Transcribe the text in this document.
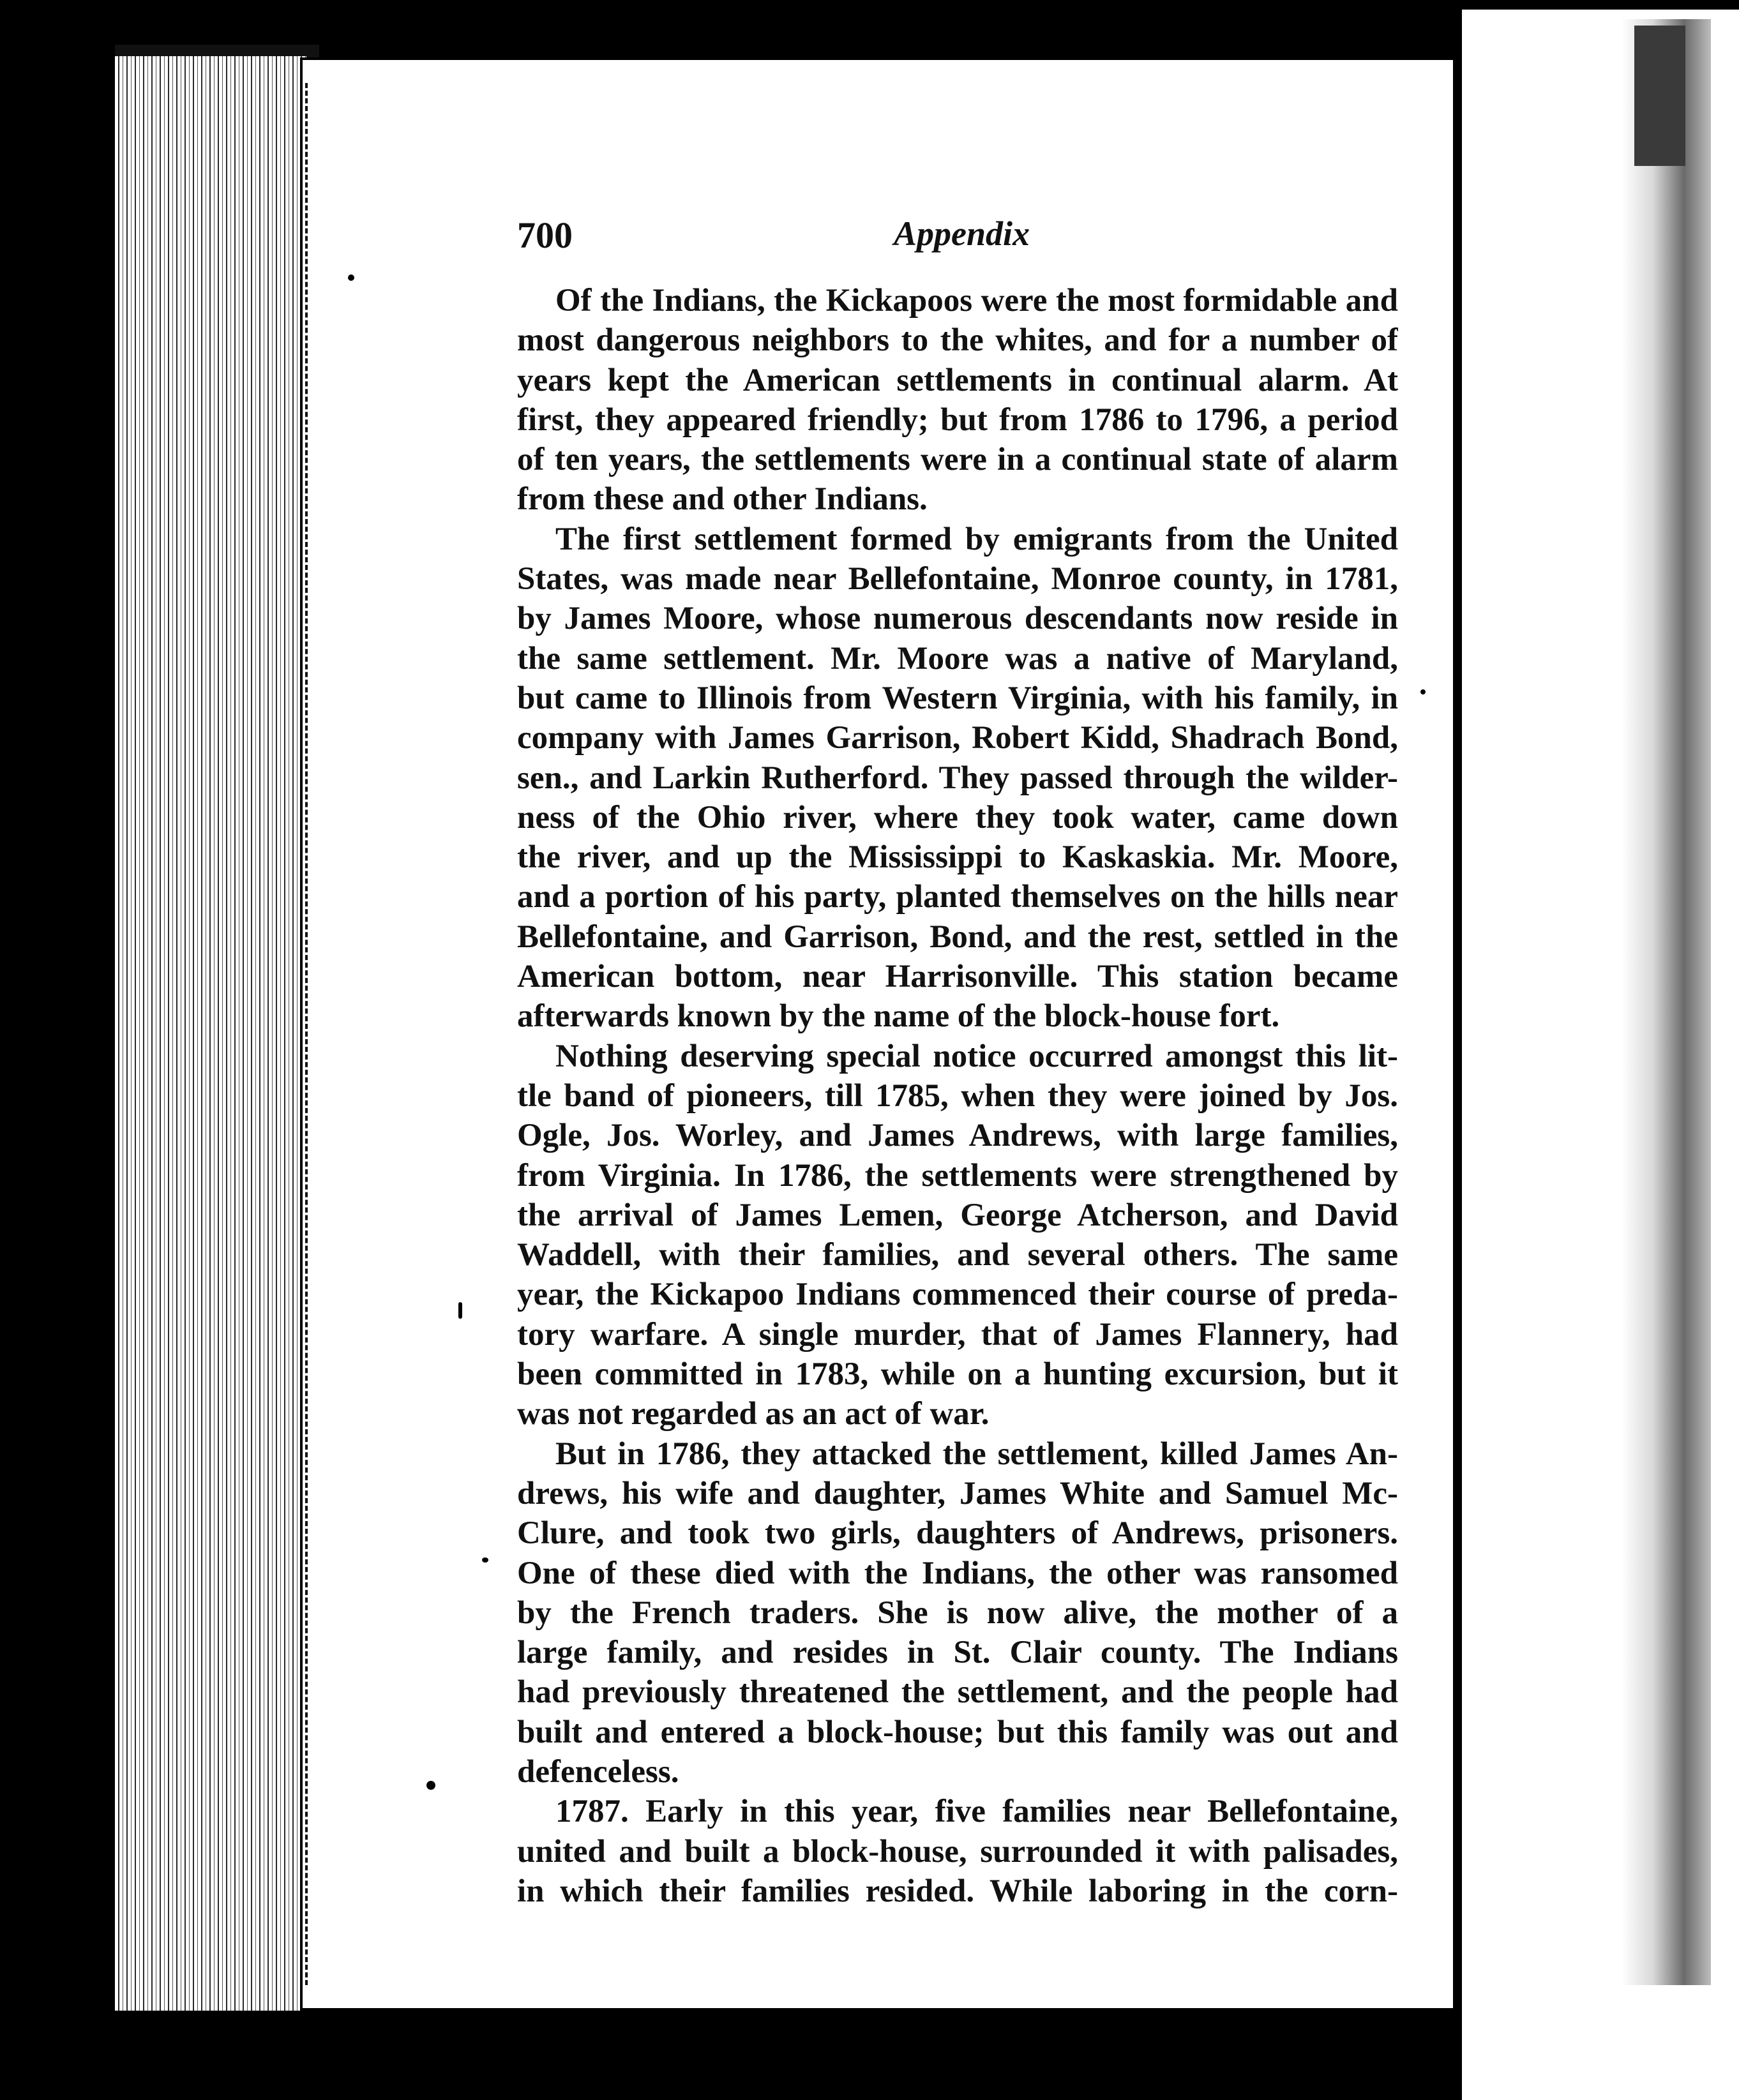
700	Appendix
Of the Indians, the Kickapoos were the most formidable and
most dangerous neighbors to the whites, and for a number of
years kept the American settlements in continual alarm. At
first, they appeared friendly; but from 1786 to 1796, a period
of ten years, the settlements were in a continual state of alarm
from these and other Indians.
The first settlement formed by emigrants from the United
States, was made near Bellefontaine, Monroe county, in 1781,
by James Moore, whose numerous descendants now reside in
the same settlement. Mr. Moore was a native of Maryland,
but came to Illinois from Western Virginia, with his family, in
company with James Garrison, Robert Kidd, Shadrach Bond,
sen., and Larkin Rutherford. They passed through the wilder-
ness of the Ohio river, where they took water, came down
the river, and up the Mississippi to Kaskaskia. Mr. Moore,
and a portion of his party, planted themselves on the hills near
Bellefontaine, and Garrison, Bond, and the rest, settled in the
American bottom, near Harrisonville. This station became
afterwards known by the name of the block-house fort.
Nothing deserving special notice occurred amongst this lit-
tle band of pioneers, till 1785, when they were joined by Jos.
Ogle, Jos. Worley, and James Andrews, with large families,
from Virginia. In 1786, the settlements were strengthened by
the arrival of James Lemen, George Atcherson, and David
Waddell, with their families, and several others. The same
year, the Kickapoo Indians commenced their course of preda-
tory warfare. A single murder, that of James Flannery, had
been committed in 1783, while on a hunting excursion, but it
was not regarded as an act of war.
But in 1786, they attacked the settlement, killed James An-
drews, his wife and daughter, James White and Samuel Mc-
Clure, and took two girls, daughters of Andrews, prisoners.
One of these died with the Indians, the other was ransomed
by the French traders. She is now alive, the mother of a
large family, and resides in St. Clair county. The Indians
had previously threatened the settlement, and the people had
built and entered a block-house; but this family was out and
defenceless.
1787. Early in this year, five families near Bellefontaine,
united and built a block-house, surrounded it with palisades,
in which their families resided. While laboring in the corn-
